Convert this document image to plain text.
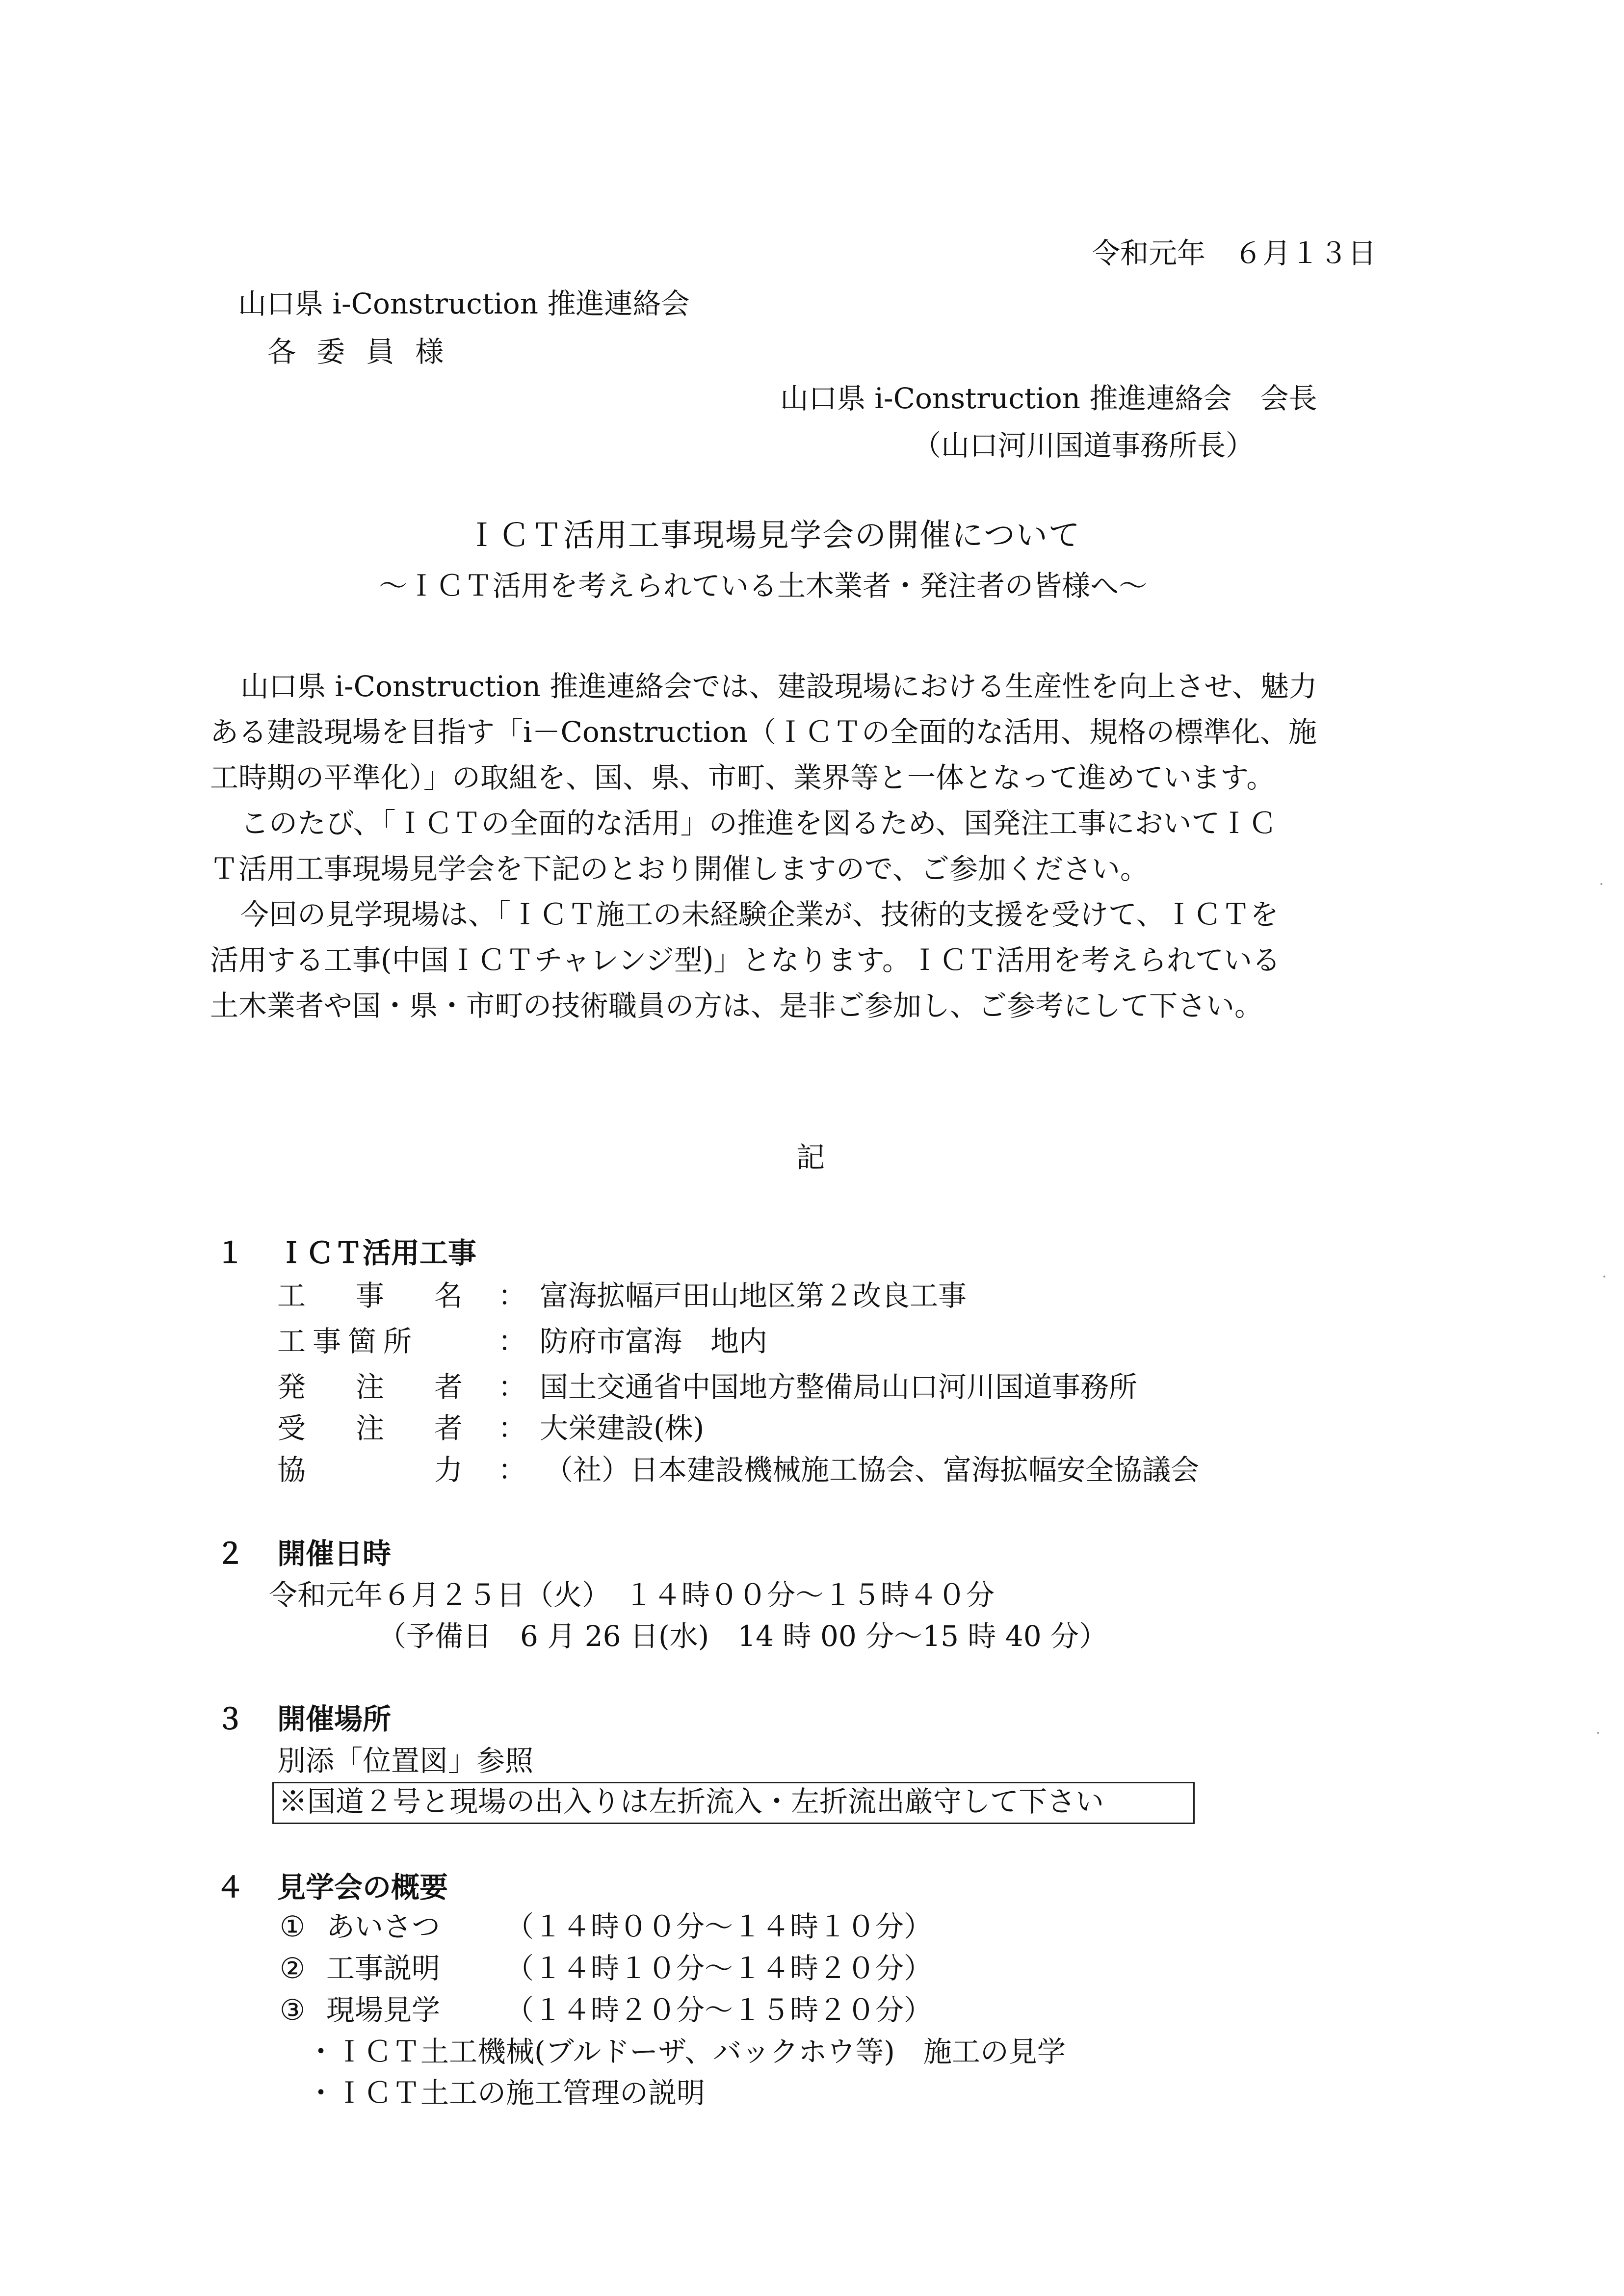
令和元年　６月１３日
山口県 i-Construction 推進連絡会
各 委 員 様
山口県 i-Construction 推進連絡会　会長
（山口河川国道事務所長）
ＩＣＴ活用工事現場見学会の開催について
～ＩＣＴ活用を考えられている土木業者・発注者の皆様へ～
山口県 i-Construction 推進連絡会では、建設現場における生産性を向上させ、魅力
ある建設現場を目指す「i－Construction（ＩＣＴの全面的な活用、規格の標準化、施
工時期の平準化）」の取組を、国、県、市町、業界等と一体となって進めています。
このたび、「ＩＣＴの全面的な活用」の推進を図るため、国発注工事においてＩＣ
Ｔ活用工事現場見学会を下記のとおり開催しますので、ご参加ください。
今回の見学現場は、「ＩＣＴ施工の未経験企業が、技術的支援を受けて、ＩＣＴを
活用する工事(中国ＩＣＴチャレンジ型)」となります。ＩＣＴ活用を考えられている
土木業者や国・県・市町の技術職員の方は、是非ご参加し、ご参考にして下さい。
記
１ ＩＣＴ活用工事
工　事　名 ： 富海拡幅戸田山地区第２改良工事
工事箇所	： 防府市富海　地内
発　注　者 ： 国土交通省中国地方整備局山口河川国道事務所
受　注　者 ： 大栄建設(株)
協　　　力 ： （社）日本建設機械施工協会、富海拡幅安全協議会
２ 開催日時
令和元年６月２５日（火）　１４時００分～１５時４０分
（予備日　6 月 26 日(水)　14 時 00 分～15 時 40 分）
３ 開催場所
別添「位置図」参照
※国道２号と現場の出入りは左折流入・左折流出厳守して下さい
４ 見学会の概要
① あいさつ （１４時００分～１４時１０分）
② 工事説明 （１４時１０分～１４時２０分）
③ 現場見学 （１４時２０分～１５時２０分）
・ＩＣＴ土工機械(ブルドーザ、バックホウ等)　施工の見学
・ＩＣＴ土工の施工管理の説明
